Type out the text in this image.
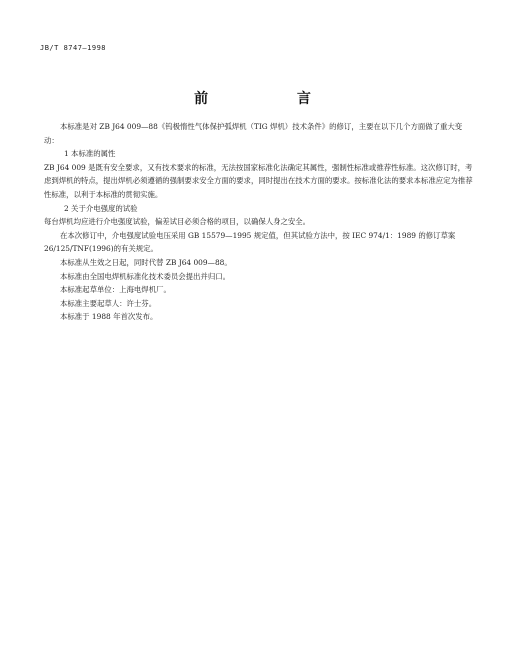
JB/T 8747—1998
前 言

本标准是对 ZB J64 009—88《钨极惰性气体保护弧焊机（TIG 焊机）技术条件》的修订，主要在以下几个方面做了重大变动：

1 本标准的属性

ZB J64 009 是既有安全要求，又有技术要求的标准，无法按国家标准化法确定其属性，强制性标准或推荐性标准。这次修订时，考虑到焊机的特点，提出焊机必须遵循的强制要求安全方面的要求，同时提出在技术方面的要求。按标准化法的要求本标准应定为推荐性标准，以利于本标准的贯彻实施。

2 关于介电强度的试验

每台焊机均应进行介电强度试验，偏差试目必须合格的项目，以确保人身之安全。

在本次修订中，介电强度试验电压采用 GB 15579—1995 规定值，但其试验方法中，按 IEC 974/1：1989 的修订草案 26/125/TNF(1996)的有关规定。

本标准从生效之日起，同时代替 ZB J64 009—88。

本标准由全国电焊机标准化技术委员会提出并归口。

本标准起草单位：上海电焊机厂。

本标准主要起草人：许士芬。

本标准于 1988 年首次发布。
